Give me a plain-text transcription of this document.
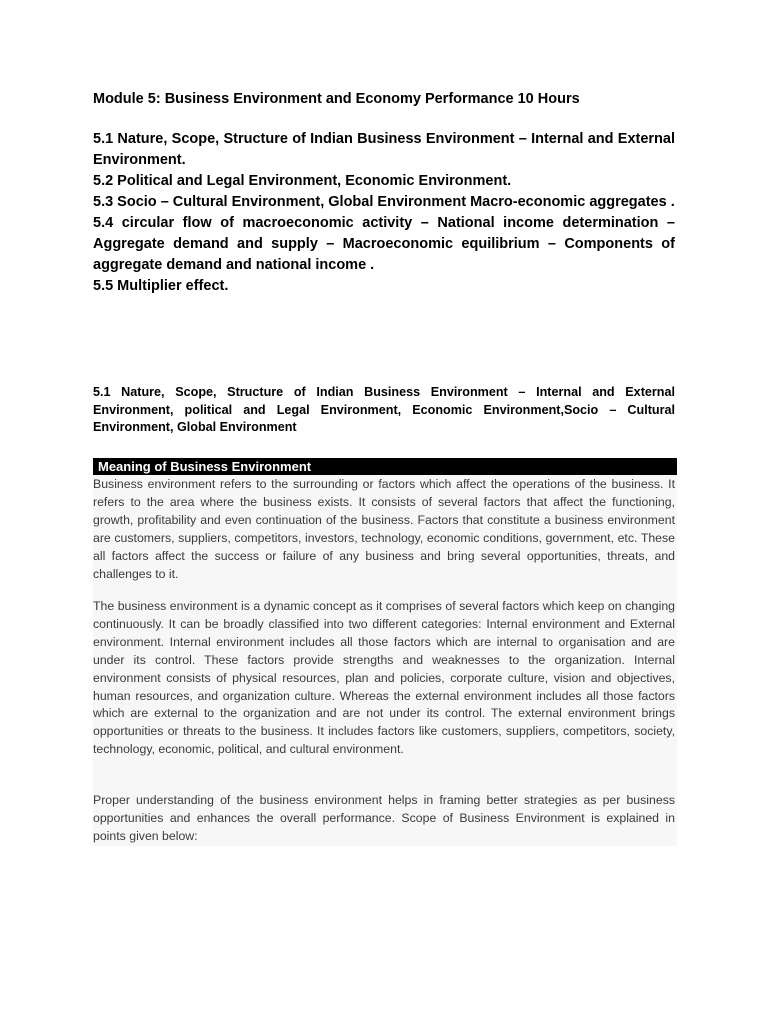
Module 5: Business Environment and Economy Performance 10 Hours

5.1 Nature, Scope, Structure of Indian Business Environment – Internal and External Environment.
5.2 Political and Legal Environment, Economic Environment.
5.3 Socio – Cultural Environment, Global Environment Macro-economic aggregates .
5.4 circular flow of macroeconomic activity – National income determination – Aggregate demand and supply – Macroeconomic equilibrium – Components of aggregate demand and national income .
5.5 Multiplier effect.

5.1 Nature, Scope, Structure of Indian Business Environment – Internal and External Environment, political and Legal Environment, Economic Environment,Socio – Cultural Environment, Global Environment

Meaning of Business Environment

Business environment refers to the surrounding or factors which affect the operations of the business. It refers to the area where the business exists. It consists of several factors that affect the functioning, growth, profitability and even continuation of the business. Factors that constitute a business environment are customers, suppliers, competitors, investors, technology, economic conditions, government, etc. These all factors affect the success or failure of any business and bring several opportunities, threats, and challenges to it.

The business environment is a dynamic concept as it comprises of several factors which keep on changing continuously. It can be broadly classified into two different categories: Internal environment and External environment. Internal environment includes all those factors which are internal to organisation and are under its control. These factors provide strengths and weaknesses to the organization. Internal environment consists of physical resources, plan and policies, corporate culture, vision and objectives, human resources, and organization culture. Whereas the external environment includes all those factors which are external to the organization and are not under its control. The external environment brings opportunities or threats to the business. It includes factors like customers, suppliers, competitors, society, technology, economic, political, and cultural environment.

Proper understanding of the business environment helps in framing better strategies as per business opportunities and enhances the overall performance. Scope of Business Environment is explained in points given below:
